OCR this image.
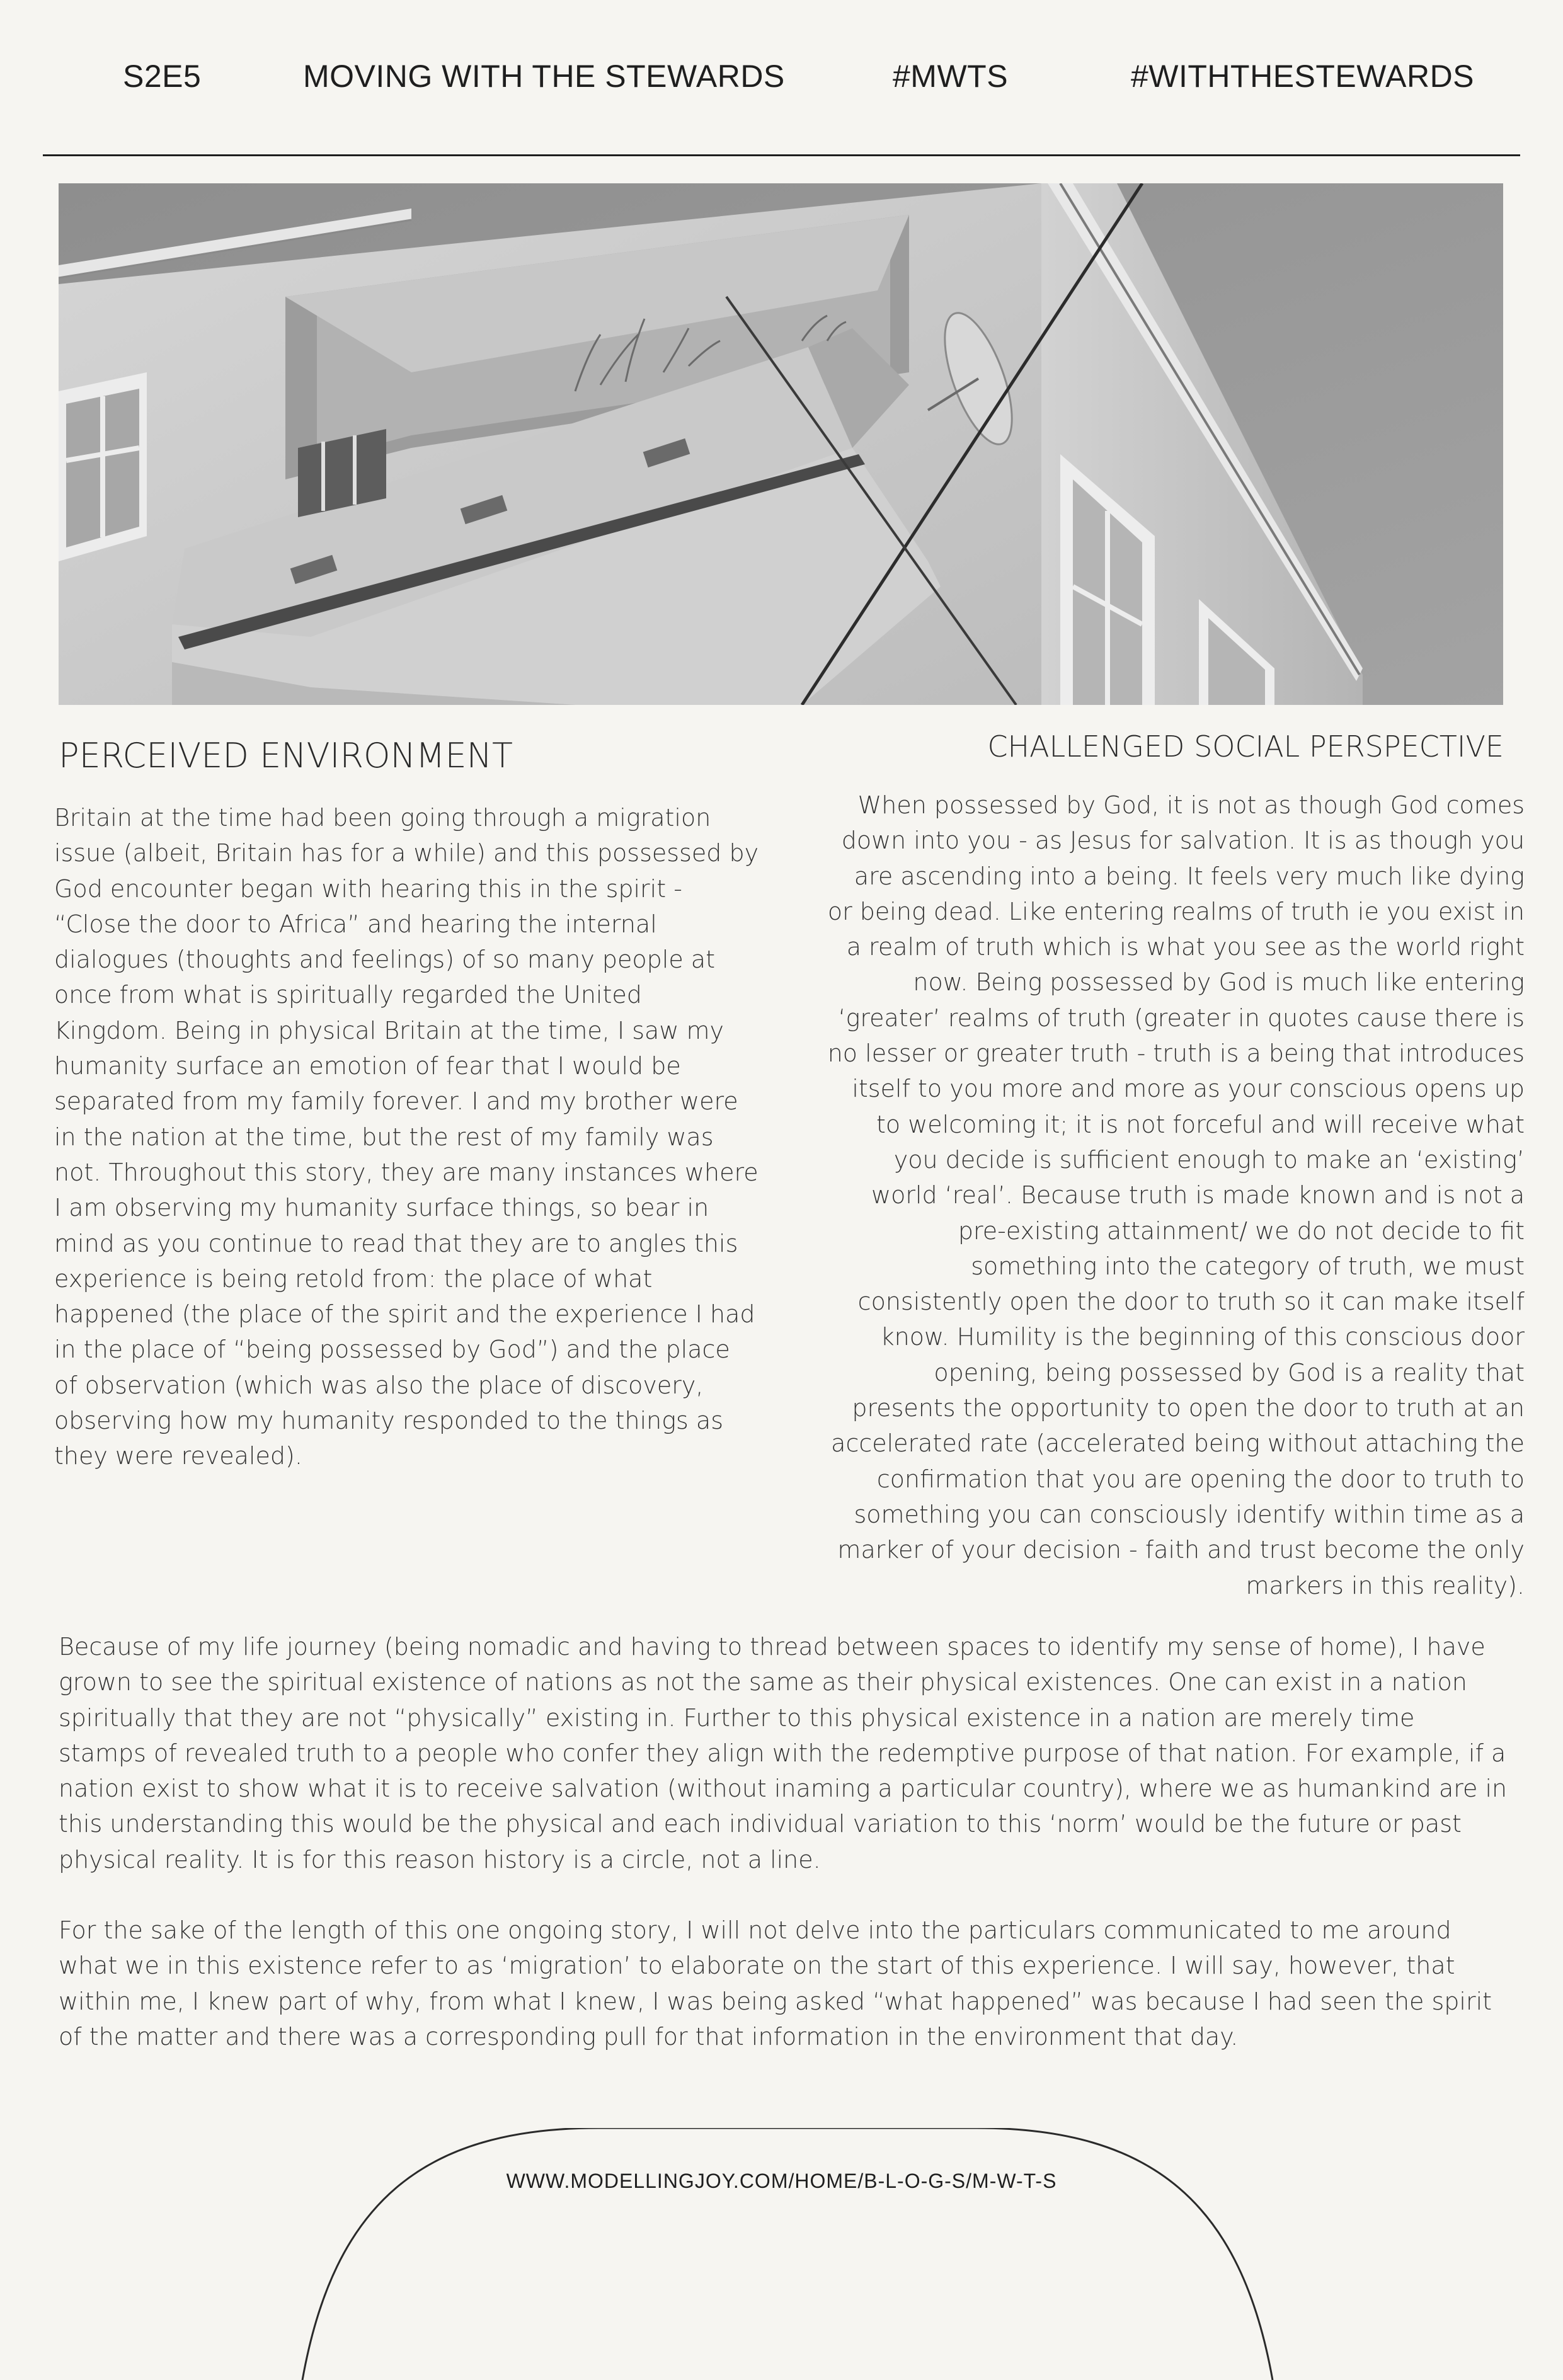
S2E5	MOVING WITH THE STEWARDS	#MWTS	#WITHTHESTEWARDS
PERCEIVED ENVIRONMENT

Britain at the time had been going through a migration issue (albeit, Britain has for a while) and this possessed by God encounter began with hearing this in the spirit - “Close the door to Africa” and hearing the internal dialogues (thoughts and feelings) of so many people at once from what is spiritually regarded the United Kingdom. Being in physical Britain at the time, I saw my humanity surface an emotion of fear that I would be separated from my family forever. I and my brother were in the nation at the time, but the rest of my family was not. Throughout this story, they are many instances where I am observing my humanity surface things, so bear in mind as you continue to read that they are to angles this experience is being retold from: the place of what happened (the place of the spirit and the experience I had in the place of “being possessed by God”) and the place of observation (which was also the place of discovery, observing how my humanity responded to the things as they were revealed).

CHALLENGED SOCIAL PERSPECTIVE

When possessed by God, it is not as though God comes down into you - as Jesus for salvation. It is as though you are ascending into a being. It feels very much like dying or being dead. Like entering realms of truth ie you exist in a realm of truth which is what you see as the world right now. Being possessed by God is much like entering ‘greater’ realms of truth (greater in quotes cause there is no lesser or greater truth - truth is a being that introduces itself to you more and more as your conscious opens up to welcoming it; it is not forceful and will receive what you decide is sufficient enough to make an ‘existing’ world ‘real’. Because truth is made known and is not a pre-existing attainment/ we do not decide to fit something into the category of truth, we must consistently open the door to truth so it can make itself know. Humility is the beginning of this conscious door opening, being possessed by God is a reality that presents the opportunity to open the door to truth at an accelerated rate (accelerated being without attaching the confirmation that you are opening the door to truth to something you can consciously identify within time as a marker of your decision - faith and trust become the only markers in this reality).

Because of my life journey (being nomadic and having to thread between spaces to identify my sense of home), I have grown to see the spiritual existence of nations as not the same as their physical existences. One can exist in a nation spiritually that they are not “physically” existing in. Further to this physical existence in a nation are merely time stamps of revealed truth to a people who confer they align with the redemptive purpose of that nation. For example, if a nation exist to show what it is to receive salvation (without inaming a particular country), where we as humankind are in this understanding this would be the physical and each individual variation to this ‘norm’ would be the future or past physical reality. It is for this reason history is a circle, not a line.

For the sake of the length of this one ongoing story, I will not delve into the particulars communicated to me around what we in this existence refer to as ‘migration’ to elaborate on the start of this experience. I will say, however, that within me, I knew part of why, from what I knew, I was being asked “what happened” was because I had seen the spirit of the matter and there was a corresponding pull for that information in the environment that day.

WWW.MODELLINGJOY.COM/HOME/B-L-O-G-S/M-W-T-S
